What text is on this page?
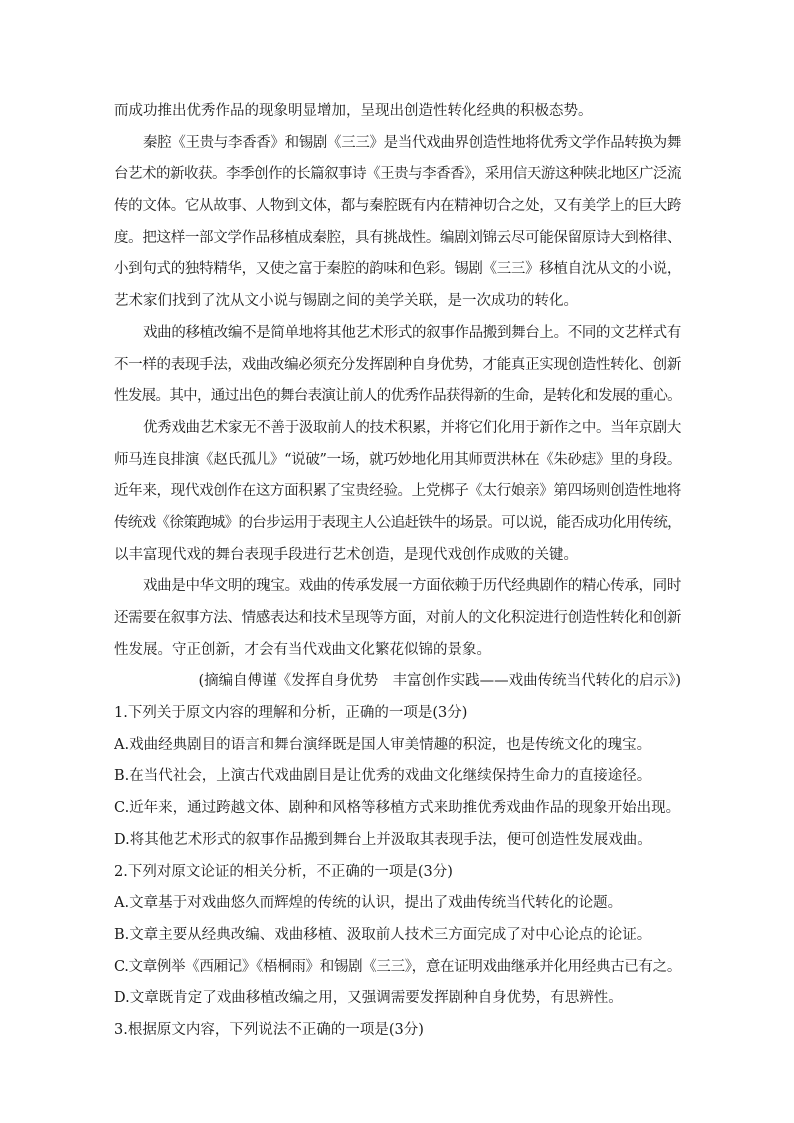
而成功推出优秀作品的现象明显增加，呈现出创造性转化经典的积极态势。
秦腔《王贵与李香香》和锡剧《三三》是当代戏曲界创造性地将优秀文学作品转换为舞
台艺术的新收获。李季创作的长篇叙事诗《王贵与李香香》，采用信天游这种陕北地区广泛流
传的文体。它从故事、人物到文体，都与秦腔既有内在精神切合之处，又有美学上的巨大跨
度。把这样一部文学作品移植成秦腔，具有挑战性。编剧刘锦云尽可能保留原诗大到格律、
小到句式的独特精华，又使之富于秦腔的韵味和色彩。锡剧《三三》移植自沈从文的小说，
艺术家们找到了沈从文小说与锡剧之间的美学关联，是一次成功的转化。
戏曲的移植改编不是简单地将其他艺术形式的叙事作品搬到舞台上。不同的文艺样式有
不一样的表现手法，戏曲改编必须充分发挥剧种自身优势，才能真正实现创造性转化、创新
性发展。其中，通过出色的舞台表演让前人的优秀作品获得新的生命，是转化和发展的重心。
优秀戏曲艺术家无不善于汲取前人的技术积累，并将它们化用于新作之中。当年京剧大
师马连良排演《赵氏孤儿》“说破”一场，就巧妙地化用其师贾洪林在《朱砂痣》里的身段。
近年来，现代戏创作在这方面积累了宝贵经验。上党梆子《太行娘亲》第四场则创造性地将
传统戏《徐策跑城》的台步运用于表现主人公追赶铁牛的场景。可以说，能否成功化用传统，
以丰富现代戏的舞台表现手段进行艺术创造，是现代戏创作成败的关键。
戏曲是中华文明的瑰宝。戏曲的传承发展一方面依赖于历代经典剧作的精心传承，同时
还需要在叙事方法、情感表达和技术呈现等方面，对前人的文化积淀进行创造性转化和创新
性发展。守正创新，才会有当代戏曲文化繁花似锦的景象。
(摘编自傅谨《发挥自身优势　丰富创作实践——戏曲传统当代转化的启示》)
1.下列关于原文内容的理解和分析，正确的一项是(3分)
A.戏曲经典剧目的语言和舞台演绎既是国人审美情趣的积淀，也是传统文化的瑰宝。
B.在当代社会，上演古代戏曲剧目是让优秀的戏曲文化继续保持生命力的直接途径。
C.近年来，通过跨越文体、剧种和风格等移植方式来助推优秀戏曲作品的现象开始出现。
D.将其他艺术形式的叙事作品搬到舞台上并汲取其表现手法，便可创造性发展戏曲。
2.下列对原文论证的相关分析，不正确的一项是(3分)
A.文章基于对戏曲悠久而辉煌的传统的认识，提出了戏曲传统当代转化的论题。
B.文章主要从经典改编、戏曲移植、汲取前人技术三方面完成了对中心论点的论证。
C.文章例举《西厢记》《梧桐雨》和锡剧《三三》，意在证明戏曲继承并化用经典古已有之。
D.文章既肯定了戏曲移植改编之用，又强调需要发挥剧种自身优势，有思辨性。
3.根据原文内容，下列说法不正确的一项是(3分)
